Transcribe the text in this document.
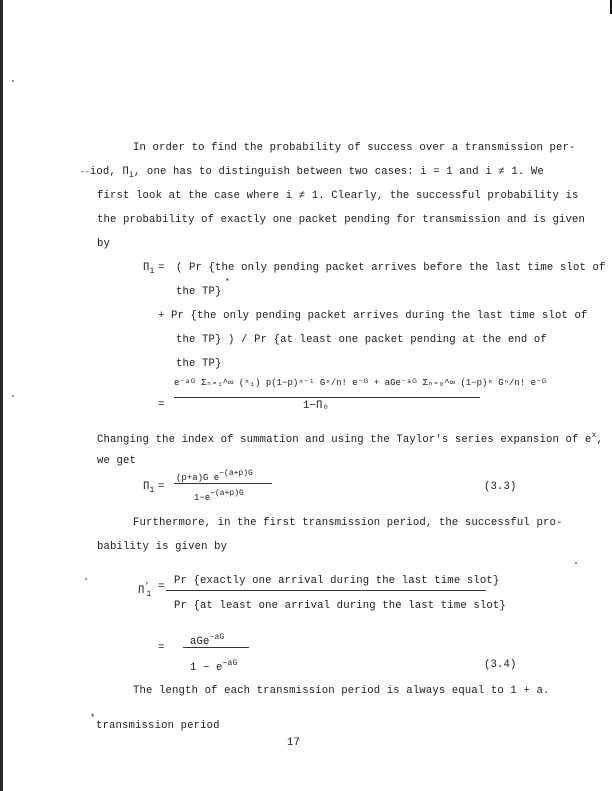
In order to find the probability of success over a transmission per-
--iod, $\Pi_i$, one has to distinguish between two cases: i = 1 and i ≠ 1. We
first look at the case where i ≠ 1. Clearly, the successful probability is
the probability of exactly one packet pending for transmission and is given
by
$\Pi_1$ = ( Pr {the only pending packet arrives before the last time slot of
*
the TP}
+ Pr {the only pending packet arrives during the last time slot of
the TP} ) / Pr {at least one packet pending at the end of
the TP}
e⁻ᵃᴳ Σₙ₌₁^∞ (ⁿ₁) p(1−p)ⁿ⁻¹ Gⁿ/n! e⁻ᴳ + aGe⁻ᵃᴳ Σₙ₌₀^∞ (1−p)ⁿ Gⁿ/n! e⁻ᴳ
=	1−Π₀
Changing the index of summation and using the Taylor's series expansion of $e^x$,
we get
$\Pi_1$ =
(p+a)G e−(a+p)G
1−e−(a+p)G
(3.3)
Furthermore, in the first transmission period, the successful pro-
bability is given by
$\Pi'_1$
= Pr {exactly one arrival during the last time slot}
Pr {at least one arrival during the last time slot}
= aGe$^{-aG}$
$1 - e^{-aG}$	(3.4)
The length of each transmission period is always equal to 1 + a.
*
transmission period
17
